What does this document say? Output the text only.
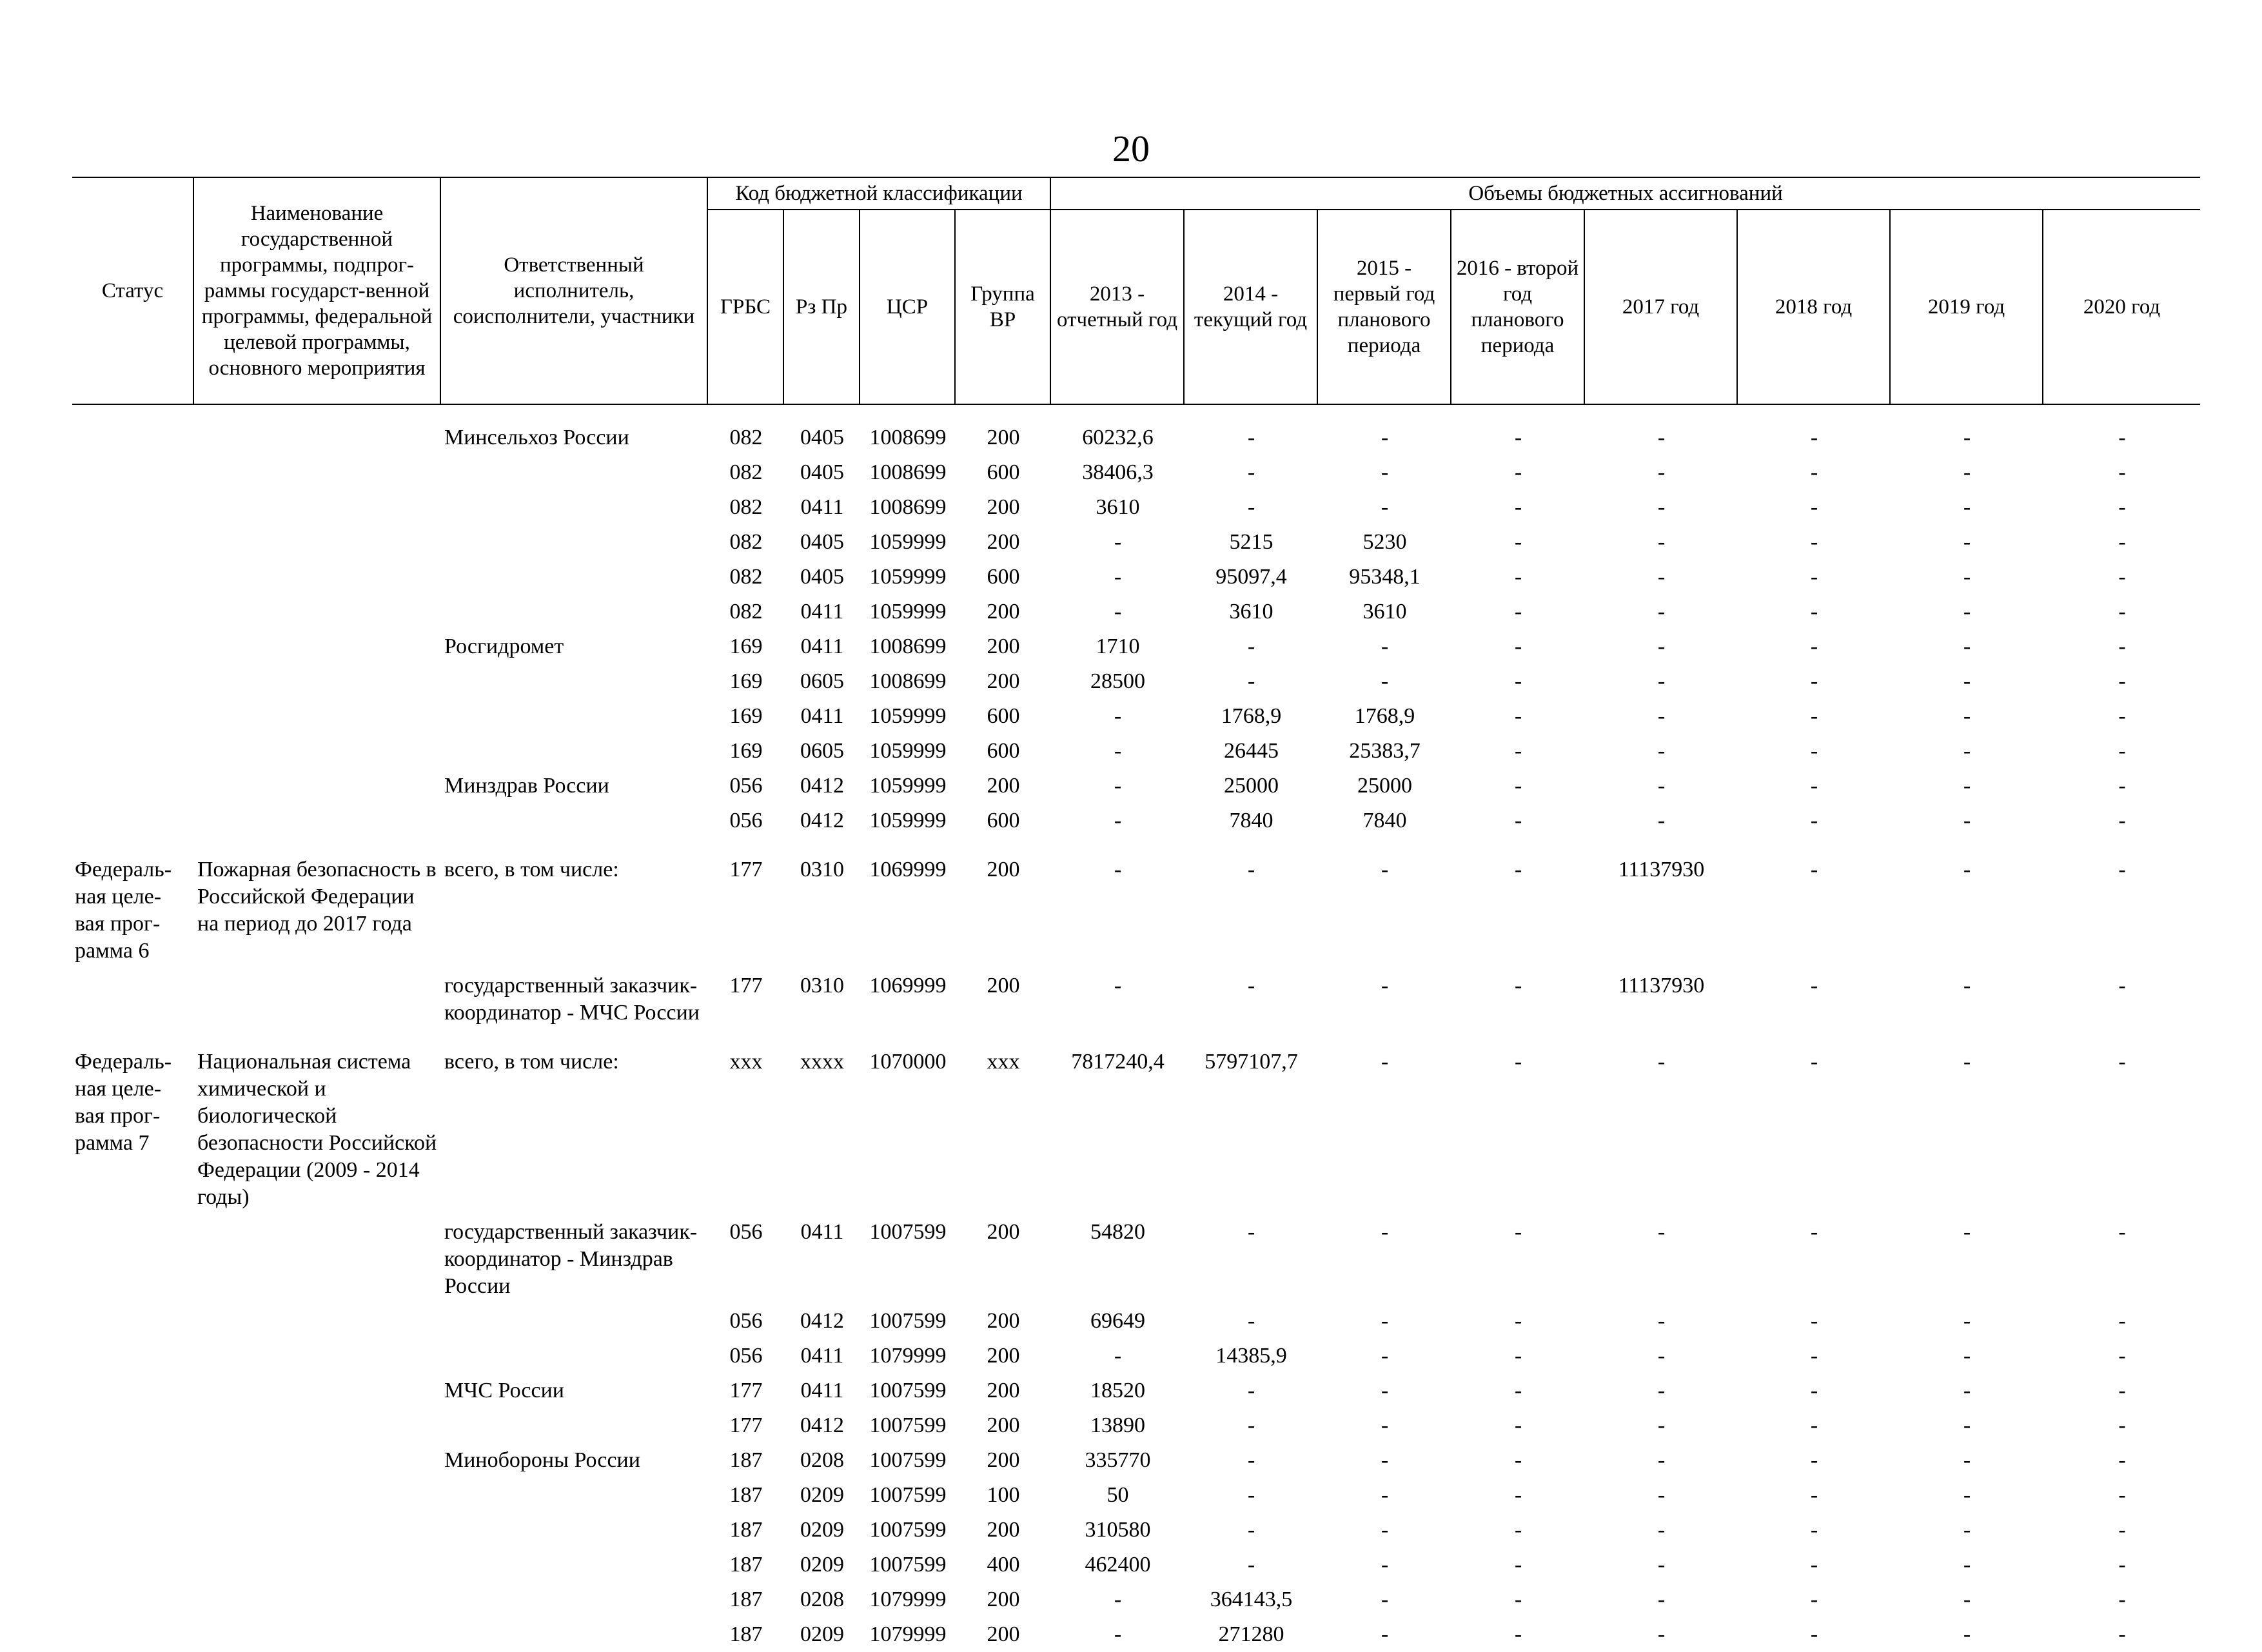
20
Статус	Наименование государственной программы, подпрог-раммы государст-венной программы, федеральной целевой программы, основного мероприятия	Ответственный исполнитель, соисполнители, участники	Код бюджетной классификации				Объемы бюджетных ассигнований							
			ГРБС	Рз Пр	ЦСР	Группа ВР	2013 - отчетный год	2014 - текущий год	2015 - первый год планового периода	2016 - второй год планового периода	2017 год	2018 год	2019 год	2020 год

		Минсельхоз России	082	0405	1008699	200	60232,6	-	-	-	-	-	-	-
			082	0405	1008699	600	38406,3	-	-	-	-	-	-	-
			082	0411	1008699	200	3610	-	-	-	-	-	-	-
			082	0405	1059999	200	-	5215	5230	-	-	-	-	-
			082	0405	1059999	600	-	95097,4	95348,1	-	-	-	-	-
			082	0411	1059999	200	-	3610	3610	-	-	-	-	-
		Росгидромет	169	0411	1008699	200	1710	-	-	-	-	-	-	-
			169	0605	1008699	200	28500	-	-	-	-	-	-	-
			169	0411	1059999	600	-	1768,9	1768,9	-	-	-	-	-
			169	0605	1059999	600	-	26445	25383,7	-	-	-	-	-
		Минздрав России	056	0412	1059999	200	-	25000	25000	-	-	-	-	-
			056	0412	1059999	600	-	7840	7840	-	-	-	-	-
Федераль-ная целе-вая прог-рамма 6	Пожарная безопасность в Российской Федерации на период до 2017 года	всего, в том числе:	177	0310	1069999	200	-	-	-	-	11137930	-	-	-
		государственный заказчик-координатор - МЧС России	177	0310	1069999	200	-	-	-	-	11137930	-	-	-
Федераль-ная целе-вая прог-рамма 7	Национальная система химической и биологической безопасности Российской Федерации (2009 - 2014 годы)	всего, в том числе:	xxx	xxxx	1070000	xxx	7817240,4	5797107,7	-	-	-	-	-	-
		государственный заказчик-координатор - Минздрав России	056	0411	1007599	200	54820	-	-	-	-	-	-	-
			056	0412	1007599	200	69649	-	-	-	-	-	-	-
			056	0411	1079999	200	-	14385,9	-	-	-	-	-	-
		МЧС России	177	0411	1007599	200	18520	-	-	-	-	-	-	-
			177	0412	1007599	200	13890	-	-	-	-	-	-	-
		Минобороны России	187	0208	1007599	200	335770	-	-	-	-	-	-	-
			187	0209	1007599	100	50	-	-	-	-	-	-	-
			187	0209	1007599	200	310580	-	-	-	-	-	-	-
			187	0209	1007599	400	462400	-	-	-	-	-	-	-
			187	0208	1079999	200	-	364143,5	-	-	-	-	-	-
			187	0209	1079999	200	-	271280	-	-	-	-	-	-
